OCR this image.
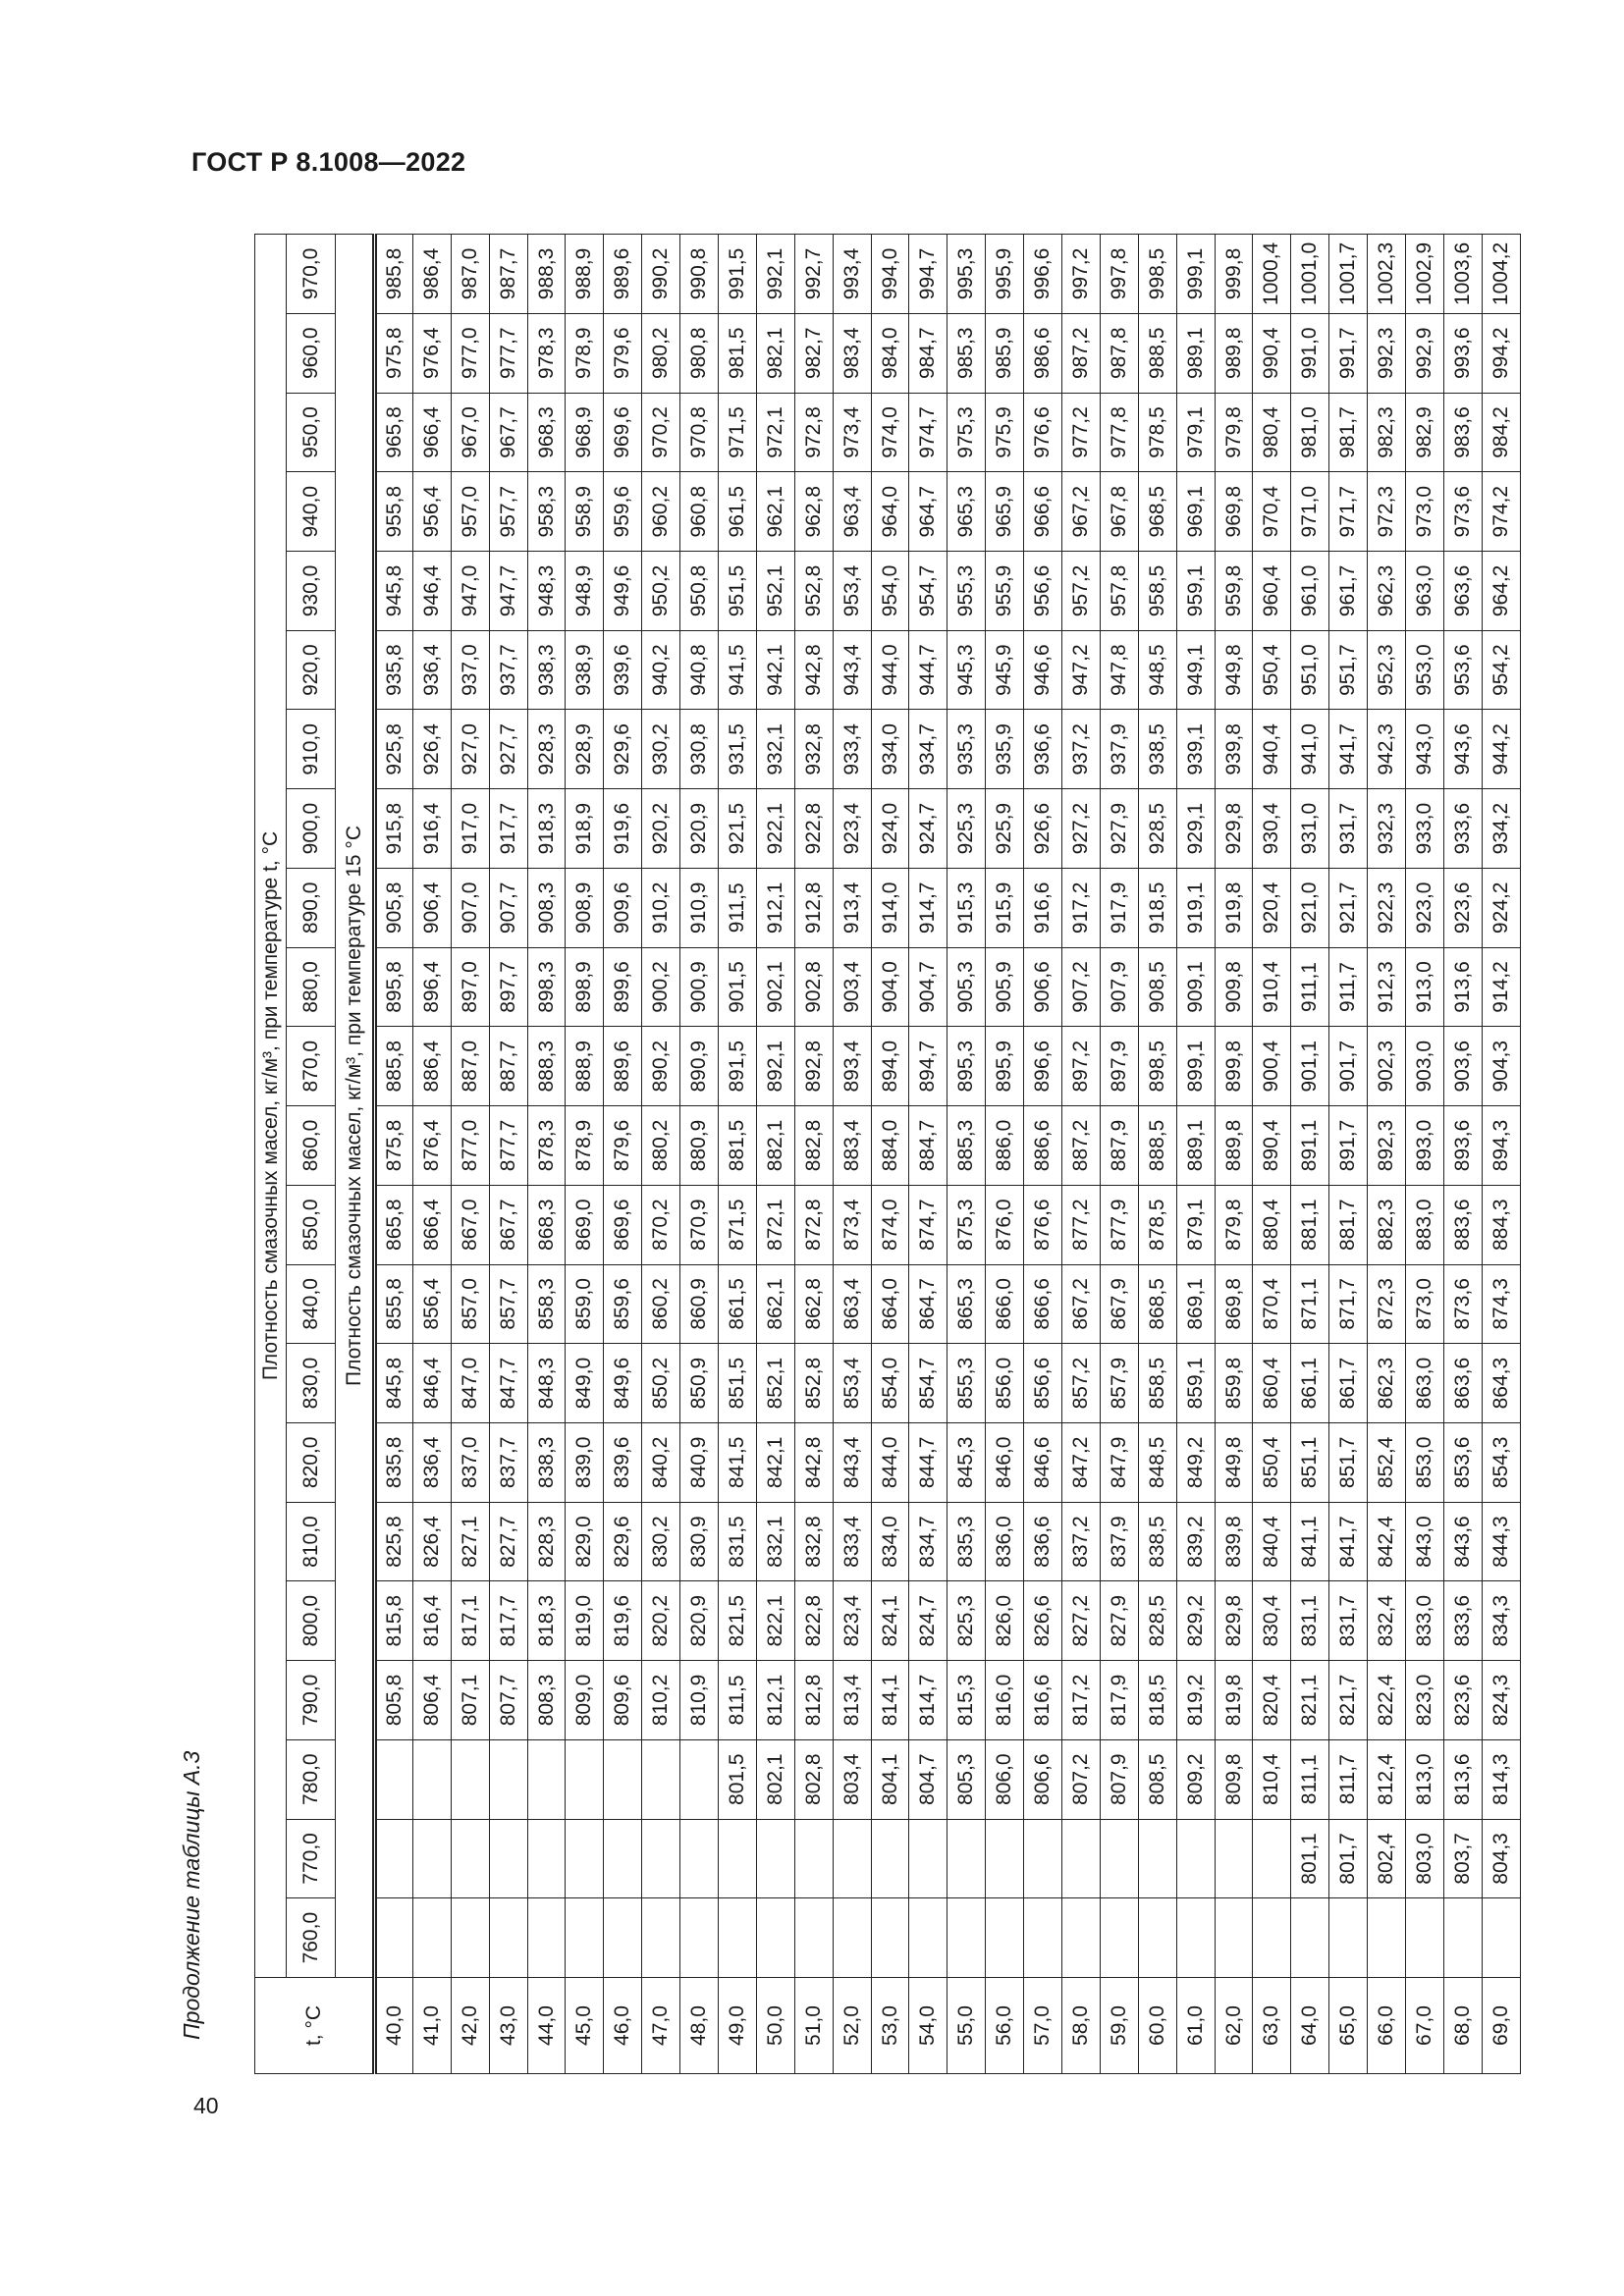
ГОСТ Р 8.1008—2022
Продолжение таблицы А.3
40
t, °C	Плотность смазочных масел, кг/м³, при температуре t, °C																					
	760,0	770,0	780,0	790,0	800,0	810,0	820,0	830,0	840,0	850,0	860,0	870,0	880,0	890,0	900,0	910,0	920,0	930,0	940,0	950,0	960,0	970,0
	Плотность смазочных масел, кг/м³, при температуре 15 °C																					
40,0				805,8	815,8	825,8	835,8	845,8	855,8	865,8	875,8	885,8	895,8	905,8	915,8	925,8	935,8	945,8	955,8	965,8	975,8	985,8
41,0				806,4	816,4	826,4	836,4	846,4	856,4	866,4	876,4	886,4	896,4	906,4	916,4	926,4	936,4	946,4	956,4	966,4	976,4	986,4
42,0				807,1	817,1	827,1	837,0	847,0	857,0	867,0	877,0	887,0	897,0	907,0	917,0	927,0	937,0	947,0	957,0	967,0	977,0	987,0
43,0				807,7	817,7	827,7	837,7	847,7	857,7	867,7	877,7	887,7	897,7	907,7	917,7	927,7	937,7	947,7	957,7	967,7	977,7	987,7
44,0				808,3	818,3	828,3	838,3	848,3	858,3	868,3	878,3	888,3	898,3	908,3	918,3	928,3	938,3	948,3	958,3	968,3	978,3	988,3
45,0				809,0	819,0	829,0	839,0	849,0	859,0	869,0	878,9	888,9	898,9	908,9	918,9	928,9	938,9	948,9	958,9	968,9	978,9	988,9
46,0				809,6	819,6	829,6	839,6	849,6	859,6	869,6	879,6	889,6	899,6	909,6	919,6	929,6	939,6	949,6	959,6	969,6	979,6	989,6
47,0				810,2	820,2	830,2	840,2	850,2	860,2	870,2	880,2	890,2	900,2	910,2	920,2	930,2	940,2	950,2	960,2	970,2	980,2	990,2
48,0				810,9	820,9	830,9	840,9	850,9	860,9	870,9	880,9	890,9	900,9	910,9	920,9	930,8	940,8	950,8	960,8	970,8	980,8	990,8
49,0			801,5	811,5	821,5	831,5	841,5	851,5	861,5	871,5	881,5	891,5	901,5	911,5	921,5	931,5	941,5	951,5	961,5	971,5	981,5	991,5
50,0			802,1	812,1	822,1	832,1	842,1	852,1	862,1	872,1	882,1	892,1	902,1	912,1	922,1	932,1	942,1	952,1	962,1	972,1	982,1	992,1
51,0			802,8	812,8	822,8	832,8	842,8	852,8	862,8	872,8	882,8	892,8	902,8	912,8	922,8	932,8	942,8	952,8	962,8	972,8	982,7	992,7
52,0			803,4	813,4	823,4	833,4	843,4	853,4	863,4	873,4	883,4	893,4	903,4	913,4	923,4	933,4	943,4	953,4	963,4	973,4	983,4	993,4
53,0			804,1	814,1	824,1	834,0	844,0	854,0	864,0	874,0	884,0	894,0	904,0	914,0	924,0	934,0	944,0	954,0	964,0	974,0	984,0	994,0
54,0			804,7	814,7	824,7	834,7	844,7	854,7	864,7	874,7	884,7	894,7	904,7	914,7	924,7	934,7	944,7	954,7	964,7	974,7	984,7	994,7
55,0			805,3	815,3	825,3	835,3	845,3	855,3	865,3	875,3	885,3	895,3	905,3	915,3	925,3	935,3	945,3	955,3	965,3	975,3	985,3	995,3
56,0			806,0	816,0	826,0	836,0	846,0	856,0	866,0	876,0	886,0	895,9	905,9	915,9	925,9	935,9	945,9	955,9	965,9	975,9	985,9	995,9
57,0			806,6	816,6	826,6	836,6	846,6	856,6	866,6	876,6	886,6	896,6	906,6	916,6	926,6	936,6	946,6	956,6	966,6	976,6	986,6	996,6
58,0			807,2	817,2	827,2	837,2	847,2	857,2	867,2	877,2	887,2	897,2	907,2	917,2	927,2	937,2	947,2	957,2	967,2	977,2	987,2	997,2
59,0			807,9	817,9	827,9	837,9	847,9	857,9	867,9	877,9	887,9	897,9	907,9	917,9	927,9	937,9	947,8	957,8	967,8	977,8	987,8	997,8
60,0			808,5	818,5	828,5	838,5	848,5	858,5	868,5	878,5	888,5	898,5	908,5	918,5	928,5	938,5	948,5	958,5	968,5	978,5	988,5	998,5
61,0			809,2	819,2	829,2	839,2	849,2	859,1	869,1	879,1	889,1	899,1	909,1	919,1	929,1	939,1	949,1	959,1	969,1	979,1	989,1	999,1
62,0			809,8	819,8	829,8	839,8	849,8	859,8	869,8	879,8	889,8	899,8	909,8	919,8	929,8	939,8	949,8	959,8	969,8	979,8	989,8	999,8
63,0			810,4	820,4	830,4	840,4	850,4	860,4	870,4	880,4	890,4	900,4	910,4	920,4	930,4	940,4	950,4	960,4	970,4	980,4	990,4	1000,4
64,0		801,1	811,1	821,1	831,1	841,1	851,1	861,1	871,1	881,1	891,1	901,1	911,1	921,0	931,0	941,0	951,0	961,0	971,0	981,0	991,0	1001,0
65,0		801,7	811,7	821,7	831,7	841,7	851,7	861,7	871,7	881,7	891,7	901,7	911,7	921,7	931,7	941,7	951,7	961,7	971,7	981,7	991,7	1001,7
66,0		802,4	812,4	822,4	832,4	842,4	852,4	862,3	872,3	882,3	892,3	902,3	912,3	922,3	932,3	942,3	952,3	962,3	972,3	982,3	992,3	1002,3
67,0		803,0	813,0	823,0	833,0	843,0	853,0	863,0	873,0	883,0	893,0	903,0	913,0	923,0	933,0	943,0	953,0	963,0	973,0	982,9	992,9	1002,9
68,0		803,7	813,6	823,6	833,6	843,6	853,6	863,6	873,6	883,6	893,6	903,6	913,6	923,6	933,6	943,6	953,6	963,6	973,6	983,6	993,6	1003,6
69,0		804,3	814,3	824,3	834,3	844,3	854,3	864,3	874,3	884,3	894,3	904,3	914,2	924,2	934,2	944,2	954,2	964,2	974,2	984,2	994,2	1004,2
